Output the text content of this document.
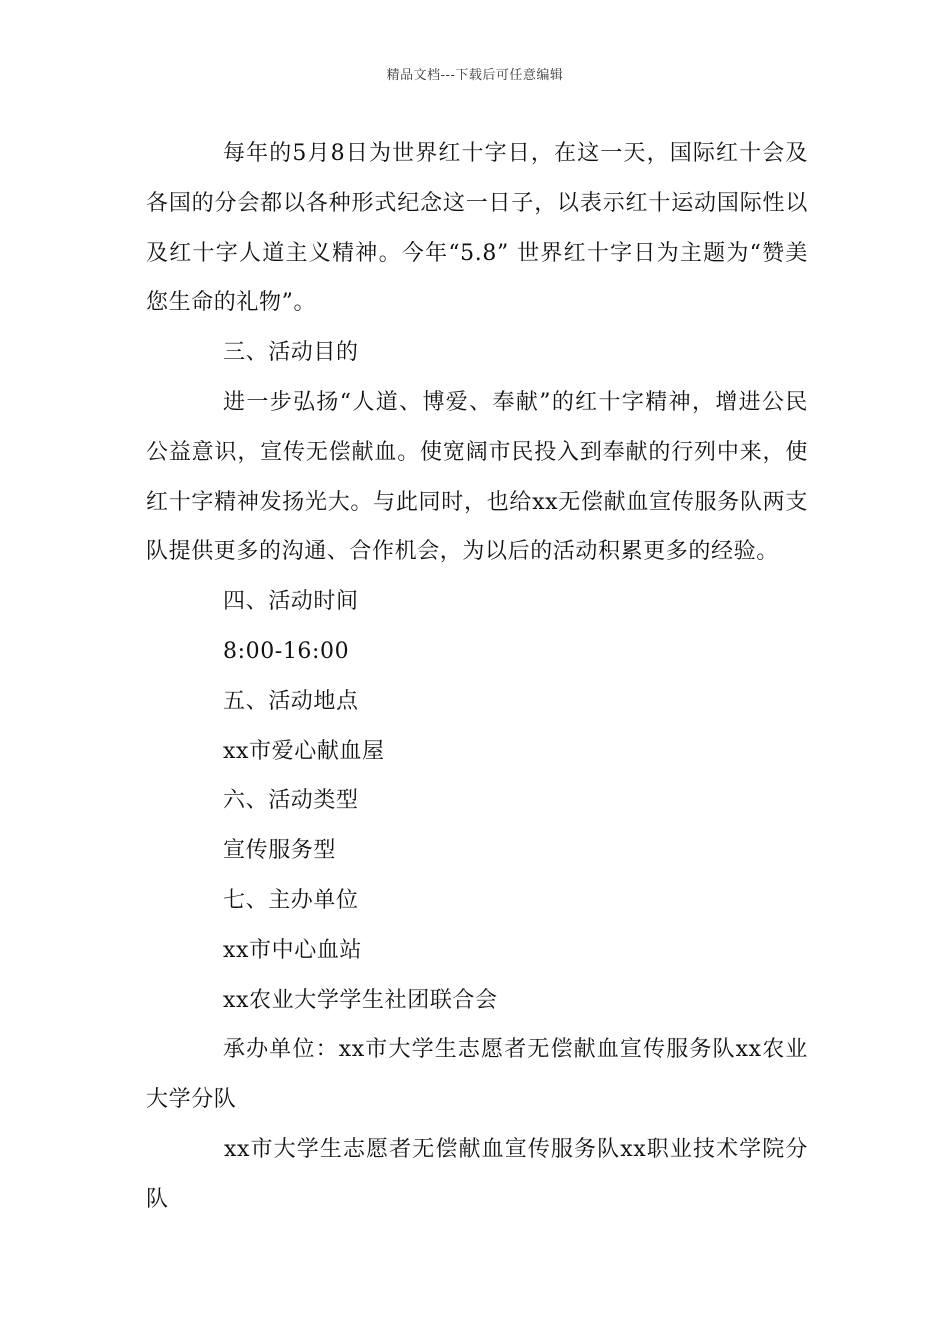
精品文档---下载后可任意编辑

每年的5月8日为世界红十字日，在这一天，国际红十会及各国的分会都以各种形式纪念这一日子，以表示红十运动国际性以及红十字人道主义精神。今年“5.8” 世界红十字日为主题为“赞美您生命的礼物”。

三、活动目的

进一步弘扬“人道、博爱、奉献”的红十字精神，增进公民公益意识，宣传无偿献血。使宽阔市民投入到奉献的行列中来，使红十字精神发扬光大。与此同时，也给xx无偿献血宣传服务队两支队提供更多的沟通、合作机会，为以后的活动积累更多的经验。

四、活动时间

8:00-16:00

五、活动地点

xx市爱心献血屋

六、活动类型

宣传服务型

七、主办单位

xx市中心血站

xx农业大学学生社团联合会

承办单位：xx市大学生志愿者无偿献血宣传服务队xx农业大学分队

xx市大学生志愿者无偿献血宣传服务队xx职业技术学院分队
